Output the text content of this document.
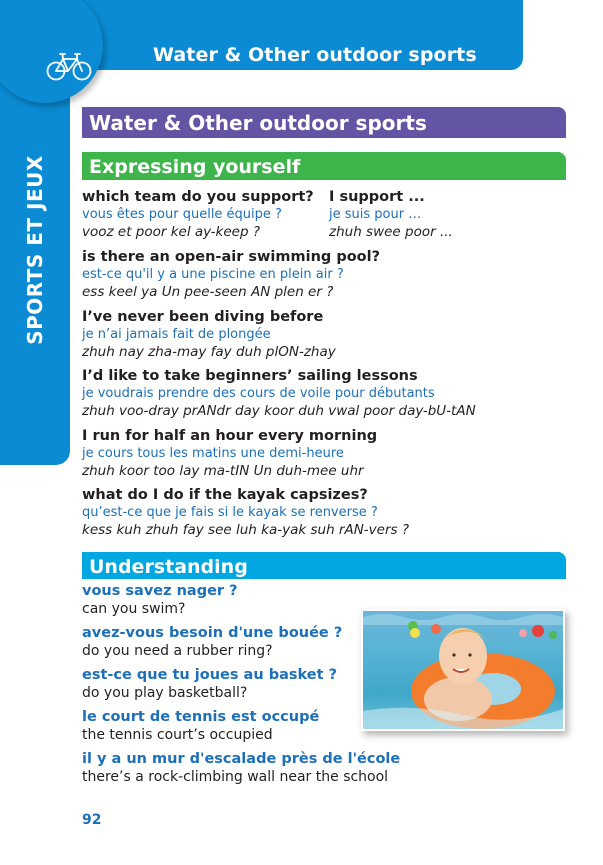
Water & Other outdoor sports
SPORTS ET JEUX
Water & Other outdoor sports
Expressing yourself
which team do you support?
vous êtes pour quelle équipe ?
vooz et poor kel ay-keep ?
I support ...
je suis pour …
zhuh swee poor ...
is there an open-air swimming pool?
est-ce qu'il y a une piscine en plein air ?
ess keel ya Un pee-seen AN plen er ?
I’ve never been diving before
je n’ai jamais fait de plongée
zhuh nay zha-may fay duh plON-zhay
I’d like to take beginners’ sailing lessons
je voudrais prendre des cours de voile pour débutants
zhuh voo-dray prANdr day koor duh vwal poor day-bU-tAN
I run for half an hour every morning
je cours tous les matins une demi-heure
zhuh koor too lay ma-tIN Un duh-mee uhr
what do I do if the kayak capsizes?
qu’est-ce que je fais si le kayak se renverse ?
kess kuh zhuh fay see luh ka-yak suh rAN-vers ?
Understanding
vous savez nager ?
can you swim?
avez-vous besoin d'une bouée ?
do you need a rubber ring?
est-ce que tu joues au basket ?
do you play basketball?
le court de tennis est occupé
the tennis court’s occupied
il y a un mur d'escalade près de l'école
there’s a rock-climbing wall near the school
92
